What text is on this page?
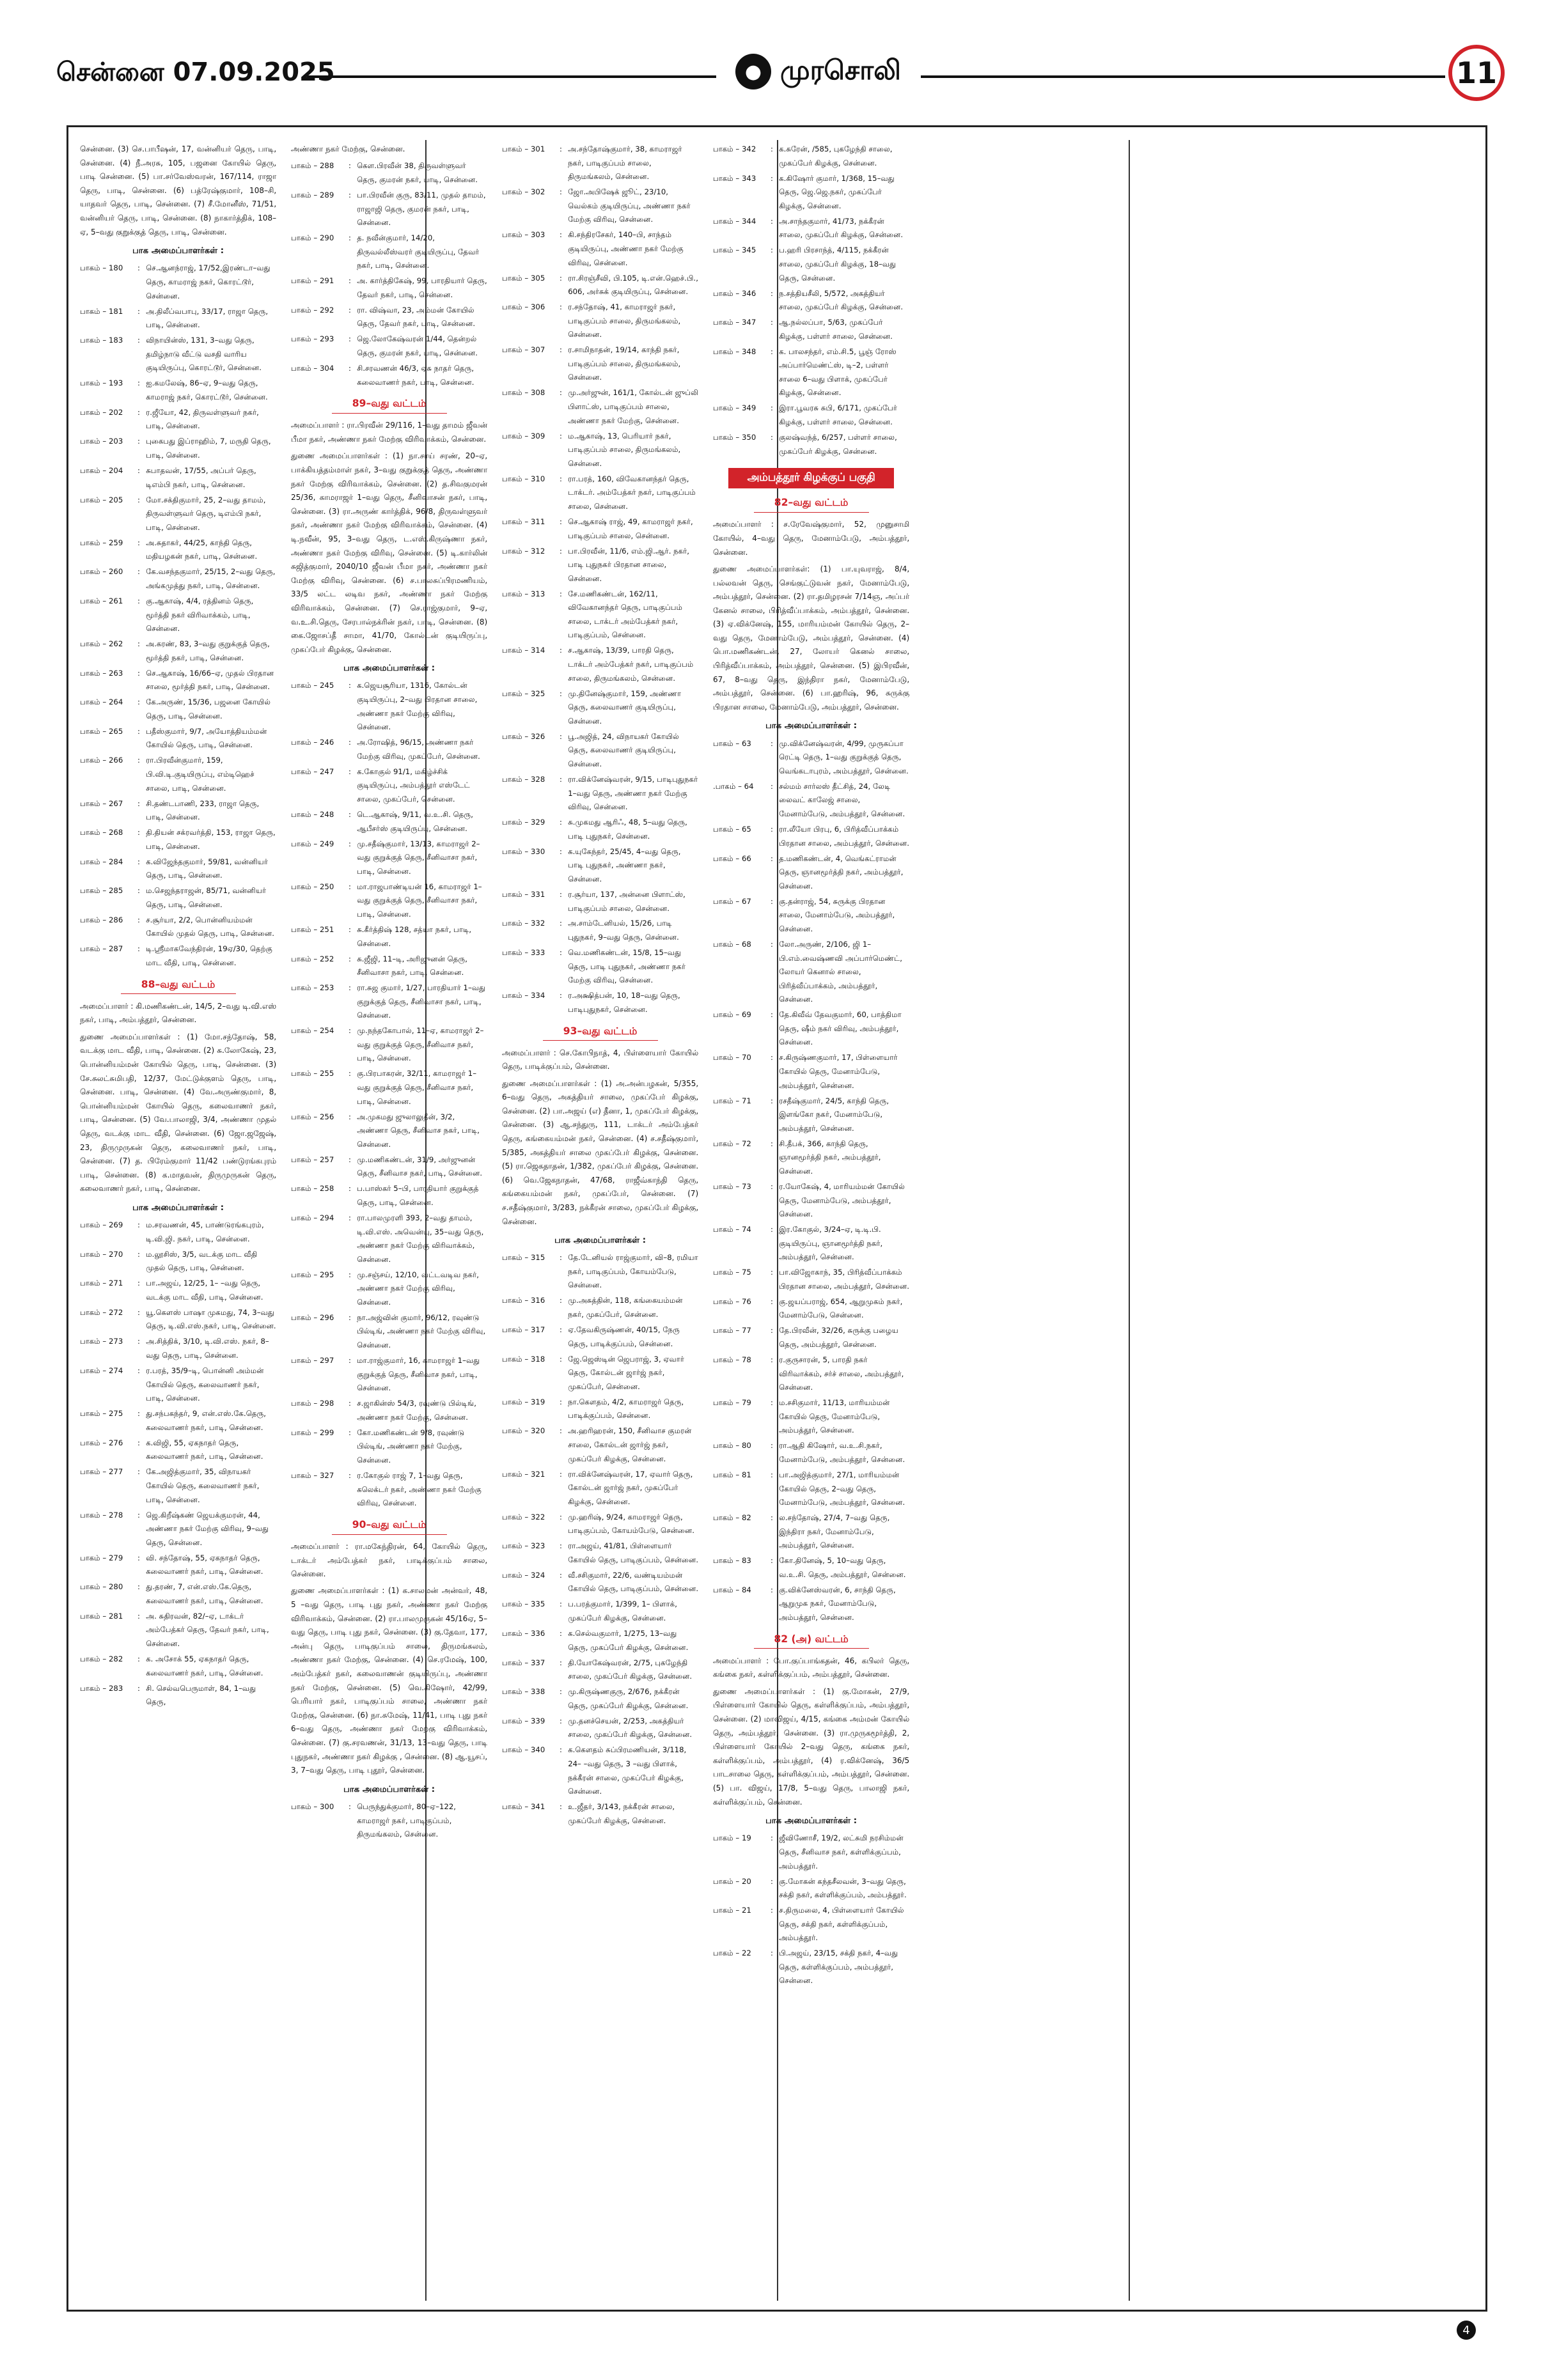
சென்னை 07.09.2025	● முரசொலி	11

சென்னை. (3) செ.பாபீஷன், 17, வன்னியர் தெரு, பாடி, சென்னை. (4) நீ.அரசு, 105, பஜனை கோயில் தெரு, பாடி சென்னை. (5) பா.சர்வேஸ்வரன், 167/114, ராஜா தெரு, பாடி, சென்னை. (6) பத்ரேஷ்குமார், 108–சி, யாதவர் தெரு, பாடி, சென்னை. (7) சீ.மோனீஸ், 71/51, வன்னியர் தெரு, பாடி, சென்னை. (8) நாகார்த்திக், 108–ஏ, 5–வது குறுக்குத் தெரு, பாடி, சென்னை.

பாக அமைப்பாளர்கள் :
பாகம் – 180	: செ.ஆனந்ராஜ், 17/52,இரண்டா–வது தெரு, காமராஜ் நகர், கொரட்டூர், சென்னை.
பாகம் – 181	: அ.திலீப்வபாபு, 33/17, ராஜா தெரு, பாடி, சென்னை.
பாகம் – 183	: விநாயின்ஸ், 131, 3–வது தெரு, தமிழ்நாடு வீட்டு வசதி வாரிய குடியிருப்பு, கொரட்டூர், சென்னை.
பாகம் – 193	: ஐ.கமலேஷ், 86–ஏ, 9–வது தெரு, காமராஜ் நகர், கொரட்டூர், சென்னை.
பாகம் – 202	: ர.ஜீயோ, 42, திருவள்ளுவர் நகர், பாடி, சென்னை.
பாகம் – 203	: புகைபது இப்ராஹிம், 7, மருதி தெரு, பாடி, சென்னை.
பாகம் – 204	: சுபாதவன், 17/55, அப்பர் தெரு, டிஎம்பி நகர், பாடி, சென்னை.
பாகம் – 205	: மோ.சக்திகுமார், 25, 2–வது தாமம், திருவள்ளுவர் தெரு, டிஎம்பி நகர், பாடி, சென்னை.
பாகம் – 259	: அ.சுதாகர், 44/25, காந்தி தெரு, மதியழகன் நகர், பாடி, சென்னை.
பாகம் – 260	: கே.வசந்தகுமார், 25/15, 2–வது தெரு, அங்கமுத்து நகர், பாடி, சென்னை.
பாகம் – 261	: கு.ஆகாஷ், 4/4, ரத்தினம் தெரு, மூர்த்தி நகர் விரிவாக்கம், பாடி, சென்னை.
பாகம் – 262	: அ.கரண், 83, 3–வது குறுக்குத் தெரு, மூர்த்தி நகர், பாடி, சென்னை.
பாகம் – 263	: செ.ஆகாஷ், 16/66–ஏ, முதல் பிரதான சாலை, மூர்த்தி நகர், பாடி, சென்னை.
பாகம் – 264	: கே.அருண், 15/36, பஜனை கோயில் தெரு, பாடி, சென்னை.
பாகம் – 265	: பதீஸ்குமார், 9/7, அயோத்தியம்மன் கோயில் தெரு, பாடி, சென்னை.
பாகம் – 266	: ரா.பிரவீன்குமார், 159, பி.வி.டி.குடியிருப்பு, எம்டிஹெச் சாலை, பாடி, சென்னை.
பாகம் – 267	: சி.தண்டபாணி, 233, ராஜா தெரு, பாடி, சென்னை.
பாகம் – 268	: தி.தியன் சக்ரவர்த்தி, 153, ராஜா தெரு, பாடி, சென்னை.
பாகம் – 284	: க.விஜேந்தகுமார், 59/81, வன்னியர் தெரு, பாடி, சென்னை.
பாகம் – 285	: ம.செஜந்தராஜன், 85/71, வன்னியர் தெரு, பாடி, சென்னை.
பாகம் – 286	: ச.சூர்யா, 2/2, பொன்னியம்மன் கோயில் முதல் தெரு, பாடி, சென்னை.
பாகம் – 287	: டி.ஸ்ரீமாகவேந்திரன், 19ஏ/30, தெற்கு மாட வீதி, பாடி, சென்னை.
88–வது வட்டம்

அமைப்பாளர் : கி.மணிகண்டன், 14/5, 2–வது டி.வி.எஸ் நகர், பாடி, அம்பத்தூர், சென்னை.

துணை அமைப்பாளர்கள் : (1) மோ.சந்தோஷ், 58, வடக்கு மாட வீதி, பாடி, சென்னை. (2) சு.லோகேஷ், 23, பொன்னியம்மன் கோயில் தெரு, பாடி, சென்னை. (3) சே.சுலட்சுமிபதி, 12/37, மேட்டுக்குளம் தெரு, பாடி, சென்னை. பாடி, சென்னை. (4) வே.அருண்குமார், 8, பொன்னியம்மன் கோயில் தெரு, கலைவாணர் நகர், பாடி, சென்னை. (5) வே.பாலாஜி, 3/4, அண்ணா முதல் தெரு, வடக்கு மாட வீதி, சென்னை. (6) ஜோ.ஜஜேஷ், 23, திருமுருகன் தெரு, கலைவாணர் நகர், பாடி, சென்னை. (7) த. பிரேம்குமார் 11/42 பண்டுரங்கபுரம் பாடி, சென்னை. (8) க.மாதவன், திருமுருகன் தெரு, கலைவாணர் நகர், பாடி, சென்னை.

பாக அமைப்பாளர்கள் :
பாகம் – 269	: ம.சரவணன், 45, பாண்டுரங்கபுரம், டி.வி.ஜி. நகர், பாடி, சென்னை.
பாகம் – 270	: ம.லூசிஸ், 3/5, வடக்கு மாட வீதி முதல் தெரு, பாடி, சென்னை.
பாகம் – 271	: பா.அஜய், 12/25, 1– –வது தெரு, வடக்கு மாட வீதி, பாடி, சென்னை.
பாகம் – 272	: யூ.கௌஸ் பாஷா முகமது, 74, 3–வது தெரு, டி.வி.எஸ்.நகர், பாடி, சென்னை.
பாகம் – 273	: அ.சித்திக், 3/10, டி.வி.எஸ். நகர், 8–வது தெரு, பாடி, சென்னை.
பாகம் – 274	: ர.பரத், 35/9–டி, பொன்னி அம்மன் கோயில் தெரு, கலைவாணர் நகர், பாடி, சென்னை.
பாகம் – 275	: து.சந்பகந்தர், 9, என்.எஸ்.கே.தெரு, கலைவாணர் நகர், பாடி, சென்னை.
பாகம் – 276	: க.விஜி, 55, ஏகநாதர் தெரு, கலைவாணர் நகர், பாடி, சென்னை.
பாகம் – 277	: கே.அஜித்குமார், 35, விநாயகர் கோயில் தெரு, கலைவாணர் நகர், பாடி, சென்னை.
பாகம் – 278	: ஜெ.கிறீஷ்கண் ஜெயக்குமரன், 44, அண்ணா நகர் மேற்கு விரிவு, 9–வது தெரு, சென்னை.
பாகம் – 279	: வி. சந்தோஷ், 55, ஏகநாதர் தெரு, கலைவாணர் நகர், பாடி, சென்னை.
பாகம் – 280	: து.தரண், 7, என்.எஸ்.கே.தெரு, கலைவாணர் நகர், பாடி, சென்னை.
பாகம் – 281	: அ. சுதிரவன், 82/–ஏ, டாக்டர் அம்பேத்கர் தெரு, தேவர் நகர், பாடி, சென்னை.
பாகம் – 282	: க. அசோக் 55, ஏகநாதர் தெரு, கலைவாணர் நகர், பாடி, சென்னை.
பாகம் – 283	: சி. செல்வபெருமாள், 84, 1–வது தெரு,

அண்ணா நகர் மேற்கு, சென்னை.

பாகம் – 288	: கெள.பிரவீன் 38, திருவள்ளுவர் தெரு, குமரன் நகர், பாடி, சென்னை.
பாகம் – 289	: பா.பிரவீன் குரு, 83/11, முதல் தாமம், ராஜாஜி தெரு, குமரன் நகர், பாடி, சென்னை.
பாகம் – 290	: த. நவீன்குமார், 14/20, திருவல்லீஸ்வரர் குடியிருப்பு, தேவர் நகர், பாடி, சென்னை.
பாகம் – 291	: அ. கார்த்திகேஷ், 99, பாரதியார் தெரு, தேவர் நகர், பாடி, சென்னை.
பாகம் – 292	: ரா. விஷ்வா, 23, அம்மன் கோயில் தெரு, தேவர் நகர், பாடி, சென்னை.
பாகம் – 293	: ஜெ.லோகேஷ்வரன் 1/44, தென்றல் தெரு, குமரன் நகர், பாடி, சென்னை.
பாகம் – 304	: சி.சரவணன் 46/3, ஏசு நாதர் தெரு, கலைவாணர் நகர், பாடி, சென்னை.
89–வது வட்டம்

அமைப்பாளர் : ரா.பிரவீன் 29/116, 1–வது தாமம் ஜீவன் பீமா நகர், அண்ணா நகர் மேற்கு விரிவாக்கம், சென்னை.

துணை அமைப்பாளர்கள் : (1) நா.சாய் சரண், 20–ஏ, பாக்கியத்தம்மாள் நகர், 3–வது குறுக்குத் தெரு, அண்ணா நகர் மேற்கு விரிவாக்கம், சென்னை. (2) த.சிவகுமரன் 25/36, காமராஜர் 1–வது தெரு, சீனிவாசன் நகர், பாடி, சென்னை. (3) ரா.அருண் கார்த்திக், 96/8, திருவள்ளுவர் நகர், அண்ணா நகர் மேற்கு விரிவாக்கம், சென்னை. (4) டி.நவீன், 95, 3–வது தெரு, ட.எஸ்.கிருஷ்ணா நகர், அண்ணா நகர் மேற்கு விரிவு, சென்னை. (5) டி.கார்லின் சுஜித்குமார், 2040/10 ஜீவன் பீமா நகர், அண்ணா நகர் மேற்கு விரிவு, சென்னை. (6) ச.பாலசுப்பிரமணியம், 33/5 லட்ட லடிவ நகர், அண்ணா நகர் மேற்கு விரிவாக்கம், சென்னை. (7) செ.ராஜ்குமார், 9–ஏ, வ.உ.சி.தெரு, சேரபால்நக்ரின் நகர், பாடி, சென்னை. (8) கை.ஜோசப்தீ சாமா, 41/70, கோல்டன் குடியிருப்பு, முகப்பேர் கிழக்கு, சென்னை.

பாக அமைப்பாளர்கள் :
பாகம் – 245	: க.ஜெயசூரியா, 1316, கோல்டன் குடியிருப்பு, 2–வது பிரதான சாலை, அண்ணா நகர் மேற்கு விரிவு, சென்னை.
பாகம் – 246	: அ.ரோஷித், 96/15, அண்ணா நகர் மேற்கு விரிவு, முகப்பேர், சென்னை.
பாகம் – 247	: க.கோகுல் 91/1, மகிழ்ச்சிக் குடியிருப்பு, அம்பத்தூர் எஸ்டேட் சாலை, முகப்பேர், சென்னை.
பாகம் – 248	: டெ.ஆகாஷ், 9/11, வ.உ.சி. தெரு, ஆபீசர்ஸ் குடியிருப்பு, சென்னை.
பாகம் – 249	: மு.சதீஷ்குமார், 13/13, காமராஜர் 2–வது குறுக்குத் தெரு, சீனிவாசா நகர், பாடி, சென்னை.
பாகம் – 250	: மா.ராஜபாண்டியன் 16, காமராஜர் 1–வது குறுக்குத் தெரு, சீனிவாசா நகர், பாடி, சென்னை.
பாகம் – 251	: சு.கீர்த்திஷ் 128, சத்யா நகர், பாடி, சென்னை.
பாகம் – 252	: சு.ஜீஜி, 11–டி, அரிஜுனன் தெரு, சீனிவாசா நகர், பாடி, சென்னை.
பாகம் – 253	: ரா.சுஜ குமார், 1/27, பாரதியார் 1–வது குறுக்குத் தெரு, சீனிவாசா நகர், பாடி, சென்னை.
பாகம் – 254	: மு.நந்தகோபால், 11–ஏ, காமராஜர் 2–வது குறுக்குத் தெரு, சீனிவாச நகர், பாடி, சென்னை.
பாகம் – 255	: கு.பிரபாகரன், 32/11, காமராஜர் 1–வது குறுக்குத் தெரு, சீனிவாச நகர், பாடி, சென்னை.
பாகம் – 256	: அ.முகமது ஜுலாலுதீன், 3/2, அண்ணா தெரு, சீனிவாச நகர், பாடி, சென்னை.
பாகம் – 257	: மு.மணிகண்டன், 31/9, அர்ஜுனன் தெரு, சீனிவாச நகர், பாடி, சென்னை.
பாகம் – 258	: ப.பாஸ்கர் 5–பி, பாரதியார் குறுக்குத் தெரு, பாடி, சென்னை.
பாகம் – 294	: ரா.பாலமுரளி 393, 2–வது தாமம், டி.வி.எஸ். அவென்யு, 35–வது தெரு, அண்ணா நகர் மேற்கு விரிவாக்கம், சென்னை.
பாகம் – 295	: மு.சஞ்சய், 12/10, வட்டவடிவ நகர், அண்ணா நகர் மேற்கு விரிவு, சென்னை.
பாகம் – 296	: நா.அஜ்வின் குமார், 96/12, ரவுண்டு பில்டிங், அண்ணா நகர் மேற்கு விரிவு, சென்னை.
பாகம் – 297	: மா.ராஜ்குமார், 16, காமராஜர் 1–வது குறுக்குத் தெரு, சீனிவாச நகர், பாடி, சென்னை.
பாகம் – 298	: ச.ஜாகின்ஸ் 54/3, ரவுண்டு பில்டிங், அண்ணா நகர் மேற்கு, சென்னை.
பாகம் – 299	: கோ.மணிகண்டன் 9/8, ரவுண்டு பில்டிங், அண்ணா நகர் மேற்கு, சென்னை.
பாகம் – 327	: ர.கோகுல் ராஜ் 7, 1–வது தெரு, கலெக்டர் நகர், அண்ணா நகர் மேற்கு விரிவு, சென்னை.
90–வது வட்டம்

அமைப்பாளர் : ரா.மகேந்திரன், 64, கோயில் தெரு, டாக்டர் அம்பேத்கர் நகர், பாடிக்குப்பம் சாலை, சென்னை.

துணை அமைப்பாளர்கள் : (1) க.சாலமன் அன்வர், 48, 5 –வது தெரு, பாடி புது நகர், அண்ணா நகர் மேற்கு விரிவாக்கம், சென்னை. (2) ரா.பாலமுருகன் 45/16ஏ, 5–வது தெரு, பாடி புது நகர், சென்னை. (3) கு.தேவா, 177, அன்பு தெரு, பாடிகுப்பம் சாலை, திருமங்கலம், அண்ணா நகர் மேற்கு, சென்னை. (4) செ.ரமேஷ், 100, அம்பேத்கர் நகர், கலைவாணன் குடியிருப்பு, அண்ணா நகர் மேற்கு, சென்னை. (5) வெ.கிஷோர், 42/99, பெரியார் நகர், பாடிகுப்பம் சாலை, அண்ணா நகர் மேற்கு, சென்னை. (6) நா.சுமேஷ், 11/41, பாடி புது நகர் 6–வது தெரு, அண்ணா நகர் மேற்கு விரிவாக்கம், சென்னை. (7) கு.சரவணன், 31/13, 13–வது தெரு, பாடி புதுநகர், அண்ணா நகர் கிழக்கு , சென்னை. (8) ஆ.யூசப், 3, 7–வது தெரு, பாடி புதூர், சென்னை.

பாக அமைப்பாளர்கள் :
பாகம் – 300	: பெருந்துக்குமார், 80–ஏ–122, காமராஜர் நகர், பாடிகுப்பம், திருமங்கலம், சென்னை.
பாகம் – 301	: அ.சந்தோஷ்குமார், 38, காமராஜர் நகர், பாடிகுப்பம் சாலை, திருமங்கலம், சென்னை.
பாகம் – 302	: ஜோ.அபிஷேக் ஜூட், 23/10, வெல்கம் குடியிருப்பு, அண்ணா நகர் மேற்கு விரிவு, சென்னை.
பாகம் – 303	: கி.சந்திரசேகர், 140–பி, சாந்தம் குடியிருப்பு, அண்ணா நகர் மேற்கு விரிவு, சென்னை.
பாகம் – 305	: ரா.சிரஞ்சீவி, பி.105, டி.என்.ஹெச்.பி., 606, அர்சுக் குடியிருப்பு, சென்னை.
பாகம் – 306	: ர.சந்தோஷ், 41, காமராஜர் நகர், பாடிகுப்பம் சாலை, திருமங்கலம், சென்னை.
பாகம் – 307	: ர.சாமிநாதன், 19/14, காந்தி நகர், பாடிகுப்பம் சாலை, திருமங்கலம், சென்னை.
பாகம் – 308	: மு.அர்ஜுன், 161/1, கோல்டன் ஜுப்லி பிளாட்ஸ், பாடிகுப்பம் சாலை, அண்ணா நகர் மேற்கு, சென்னை.
பாகம் – 309	: ம.ஆகாஷ், 13, பெரியார் நகர், பாடிகுப்பம் சாலை, திருமங்கலம், சென்னை.
பாகம் – 310	: ரா.பரத், 160, விவேகானந்தர் தெரு, டாக்டர். அம்பேத்கர் நகர், பாடிகுப்பம் சாலை, சென்னை.
பாகம் – 311	: செ.ஆகாஷ் ராஜ், 49, காமராஜர் நகர், பாடிகுப்பம் சாலை, சென்னை.
பாகம் – 312	: பா.பிரவீன், 11/6, எம்.ஜி.ஆர். நகர், பாடி புதுநகர் பிரதான சாலை, சென்னை.
பாகம் – 313	: சே.மணிகண்டன், 162/11, விவேகானந்தர் தெரு, பாடிகுப்பம் சாலை, டாக்டர் அம்பேத்கர் நகர், பாடிகுப்பம், சென்னை.
பாகம் – 314	: ச.ஆகாஷ், 13/39, பாரதி தெரு, டாக்டர் அம்பேத்கர் நகர், பாடிகுப்பம் சாலை, திருமங்கலம், சென்னை.
பாகம் – 325	: மு.தினேஷ்குமார், 159, அண்ணா தெரு, கலைவாணர் குடியிருப்பு, சென்னை.
பாகம் – 326	: பூ.அஜித், 24, விநாயகர் கோயில் தெரு, கலைவாணர் குடியிருப்பு, சென்னை.
பாகம் – 328	: ரா.விக்னேஷ்வரன், 9/15, பாடிபுதுநகர் 1–வது தெரு, அண்ணா நகர் மேற்கு விரிவு, சென்னை.
பாகம் – 329	: சு.முகமது ஆரிஃ, 48, 5–வது தெரு, பாடி புதுநகர், சென்னை.
பாகம் – 330	: க.யுகேந்தர், 25/45, 4–வது தெரு, பாடி புதுநகர், அண்ணா நகர், சென்னை.
பாகம் – 331	: ர.சூர்யா, 137, அன்னை பிளாட்ஸ், பாடிகுப்பம் சாலை, சென்னை.
பாகம் – 332	: அ.சாம்டேனியல், 15/26, பாடி புதுநகர், 9–வது தெரு, சென்னை.
பாகம் – 333	: வெ.மணிகண்டன், 15/8, 15–வது தெரு, பாடி புதுநகர், அண்ணா நகர் மேற்கு விரிவு, சென்னை.
பாகம் – 334	: ர.அக்ஷித்பன், 10, 18–வது தெரு, பாடிபுதுநகர், சென்னை.
93–வது வட்டம்

அமைப்பாளர் : செ.கோபிநாத், 4, பிள்ளையார் கோயில் தெரு, பாடிக்குப்பம், சென்னை.

துணை அமைப்பாளர்கள் : (1) அ.அன்பழகன், 5/355, 6–வது தெரு, அகத்தியர் சாலை, முகப்பேர் கிழக்கு, சென்னை. (2) பா.அஜய் (எ) தீனா, 1, முகப்பேர் கிழக்கு, சென்னை. (3) ஆ.சந்துரு, 111, டாக்டர் அம்பேத்கர் தெரு, கங்கையம்மன் நகர், சென்னை. (4) ச.சதீஷ்குமார், 5/385, அகத்தியர் சாலை முகப்பேர் கிழக்கு, சென்னை. (5) ரா.ஜெகதாதன், 1/382, முகப்பேர் கிழக்கு, சென்னை. (6) வெ.ஜேகநாதன், 47/68, ராஜீவ்காந்தி தெரு, கங்கையம்மன் நகர், முகப்பேர், சென்னை. (7) ச.சதீஷ்குமார், 3/283, நக்கீரன் சாலை, முகப்பேர் கிழக்கு, சென்னை.

பாக அமைப்பாளர்கள் :
பாகம் – 315	: தே.டேனியல் ராஜ்குமார், வி–8, ரமியா நகர், பாடிகுப்பம், கோயம்பேடு, சென்னை.
பாகம் – 316	: மு.அசுத்தின், 118, கங்கையம்மன் நகர், முகப்பேர், சென்னை.
பாகம் – 317	: ஏ.தேவகிருஷ்ணன், 40/15, நேரு தெரு, பாடிக்குப்பம், சென்னை.
பாகம் – 318	: ஜே.ஜெஸ்டின் ஜெபராஜ், 3, ஏவார் தெரு, கோல்டன் ஜார்ஜ் நகர், முகப்பேர், சென்னை.
பாகம் – 319	: நா.கௌதம், 4/2, காமராஜர் தெரு, பாடிக்குப்பம், சென்னை.
பாகம் – 320	: அ.ஹரிஹரன், 150, சீனிவாச குமரன் சாலை, கோல்டன் ஜார்ஜ் நகர், முகப்பேர் கிழக்கு, சென்னை.
பாகம் – 321	: ரா.விக்னேஷ்வரன், 17, ஏவார் தெரு, கோல்டன் ஜார்ஜ் நகர், முகப்பேர் கிழக்கு, சென்னை.
பாகம் – 322	: மு.ஹரிஷ், 9/24, காமராஜர் தெரு, பாடிகுப்பம், கோயம்பேடு, சென்னை.
பாகம் – 323	: ரா.அஜய், 41/81, பிள்ளையார் கோயில் தெரு, பாடிகுப்பம், சென்னை.
பாகம் – 324	: வீ.சசிகுமார், 22/6, வண்டியம்மன் கோயில் தெரு, பாடிகுப்பம், சென்னை.
பாகம் – 335	: ப.பரத்குமார், 1/399, 1– பிளாக், முகப்பேர் கிழக்கு, சென்னை.
பாகம் – 336	: க.செல்வகுமார், 1/275, 13–வது தெரு, முகப்பேர் கிழக்கு, சென்னை.
பாகம் – 337	: தி.யோகேஷ்வரன், 2/75, புகழேந்தி சாலை, முகப்பேர் கிழக்கு, சென்னை.
பாகம் – 338	: மு.கிருஷ்ணகுரு, 2/676, நக்கீரன் தெரு, முகப்பேர் கிழக்கு, சென்னை.
பாகம் – 339	: மு.தனச்செயன், 2/253, அகத்தியர் சாலை, முகப்பேர் கிழக்கு, சென்னை.
பாகம் – 340	: க.கௌதம் சுப்பிரமணியன், 3/118, 24– –வது தெரு, 3 –வது பிளாக், நக்கீரன் சாலை, முகப்பேர் கிழக்கு, சென்னை.
பாகம் – 341	: உ.ஜீதர், 3/143, நக்கீரன் சாலை, முகப்பேர் கிழக்கு, சென்னை.
பாகம் – 342	: க.சுரேன், /585, புகழேந்தி சாலை, முகப்பேர் கிழக்கு, சென்னை.
பாகம் – 343	: க.கிஷோர் குமார், 1/368, 15–வது தெரு, ஜெ.ஜெ.நகர், முகப்பேர் கிழக்கு, சென்னை.
பாகம் – 344	: அ.சாந்தகுமார், 41/73, நக்கீரன் சாலை, முகப்பேர் கிழக்கு, சென்னை.
பாகம் – 345	: ப.ஹரி பிரசாந்த், 4/115, நக்கீரன் சாலை, முகப்பேர் கிழக்கு, 18–வது தெரு, சென்னை.
பாகம் – 346	: ந.சத்தியசீலி, 5/572, அகத்தியர் சாலை, முகப்பேர் கிழக்கு, சென்னை.
பாகம் – 347	: ஆ.நல்லப்பா, 5/63, முகப்பேர் கிழக்கு, பள்ளர் சாலை, சென்னை.
பாகம் – 348	: க. பாலசந்தர், எம்.சி.5, பூஞ் ரோஸ் அப்பார்மெண்ட்ஸ், டி–2, பள்ளர் சாலை 6–வது பிளாக், முகப்பேர் கிழக்கு, சென்னை.
பாகம் – 349	: இரா.பூவரசு சுபி, 6/171, முகப்பேர் கிழக்கு, பள்ளர் சாலை, சென்னை.
பாகம் – 350	: குலஷ்வந்த், 6/257, பள்ளர் சாலை, முகப்பேர் கிழக்கு, சென்னை.
அம்பத்தூர் கிழக்குப் பகுதி
82–வது வட்டம்

அமைப்பாளர் : ச.ரேவேஷ்குமார், 52, முனுசாமி கோயில், 4–வது தெரு, மேனாம்பேடு, அம்பத்தூர், சென்னை.

துணை அமைப்பாளர்கள்: (1) பா.யுவராஜ், 8/4, பல்லவன் தெரு, செங்குட்டுவன் நகர், மேனாம்பேடு, அம்பத்தூர், சென்னை. (2) ரா.தமிழரசன் 7/14ஞ, அப்பர் கேனல் சாலை, பிரித்வீப்பாக்கம், அம்பத்தூர், சென்னை. (3) ஏ.விக்னேஷ், 155, மாரியம்மன் கோயில் தெரு, 2–வது தெரு, மேனாம்பேடு, அம்பத்தூர், சென்னை. (4) பொ.மணிகண்டன், 27, லோயர் கெனல் சாலை, பிரித்வீப்பாக்கம், அம்பத்தூர், சென்னை. (5) இபிரவீன், 67, 8–வது தெரு, இந்திரா நகர், மேனாம்பேடு, அம்பத்தூர், சென்னை. (6) பா.ஹரிஷ், 96, சுருக்கு பிரதான சாலை, மேனாம்பேடு, அம்பத்தூர், சென்னை.

பாக அமைப்பாளர்கள் :
பாகம் – 63	: மு.விக்னேஷ்வரன், 4/99, முருகப்பா ரெட்டி தெரு, 1–வது குறுக்குத் தெரு, வெங்கடாபுரம், அம்பத்தூர், சென்னை.
.பாகம் – 64	: சல்மம் சார்லஸ் தீட்சித், 24, லேடி லைவட் காலேஜ் சாலை, மேனாம்பேடு, அம்பத்தூர், சென்னை.
பாகம் – 65	: ரா.லீயோ பிரபு, 6, பிரித்வீப்பாக்கம் பிரதான சாலை, அம்பத்தூர், சென்னை.
பாகம் – 66	: த.மணிகண்டன், 4, வெங்கட்ராமன் தெரு, ஞானமூர்த்தி நகர், அம்பத்தூர், சென்னை.
பாகம் – 67	: கு.தன்ராஜ், 54, சுருக்கு பிரதான சாலை, மேனாம்பேடு, அம்பத்தூர், சென்னை.
பாகம் – 68	: லோ.அருண், 2/106, ஜி 1– பி.எம்.வைஷ்ணவி அப்பார்மெண்ட், லோயர் கெனால் சாலை, பிரித்வீப்பாக்கம், அம்பத்தூர், சென்னை.
பாகம் – 69	: தே.கிவீவ் தேவகுமார், 60, பாத்திமா தெரு, ஷீம் நகர் விரிவு, அம்பத்தூர், சென்னை.
பாகம் – 70	: ச.கிருஷ்ணகுமார், 17, பிள்ளையார் கோயில் தெரு, மேனாம்பேடு, அம்பத்தூர், சென்னை.
பாகம் – 71	: ரசதீஷ்குமார், 24/5, காந்தி தெரு, இளங்கோ நகர், மேனாம்பேடு, அம்பத்தூர், சென்னை.
பாகம் – 72	: சி.தீபக், 366, காந்தி தெரு, ஞானமூர்த்தி நகர், அம்பத்தூர், சென்னை.
பாகம் – 73	: ர.யோகேஷ், 4, மாரியம்மன் கோயில் தெரு, மேனாம்பேடு, அம்பத்தூர், சென்னை.
பாகம் – 74	: இர.கோகுல், 3/24–ஏ, டி.டி.பி. குடியிருப்பு, ஞானமூர்த்தி நகர், அம்பத்தூர், சென்னை.
பாகம் – 75	: பா.விஜோகாந், 35, பிரித்வீப்பாக்கம் பிரதான சாலை, அம்பத்தூர், சென்னை.
பாகம் – 76	: கு.ஜயப்பராஜ், 654, ஆறுமுகம் நகர், மேனாம்பேடு, சென்னை.
பாகம் – 77	: தே.பிரவீன், 32/26, சுருக்கு பழைய தெரு, அம்பத்தூர், சென்னை.
பாகம் – 78	: ர.குருசாரன், 5, பாரதி நகர் விரிவாக்கம், சர்ச் சாலை, அம்பத்தூர், சென்னை.
பாகம் – 79	: ம.சசிகுமார், 11/13, மாரியம்மன் கோயில் தெரு, மேனாம்பேடு, அம்பத்தூர், சென்னை.
பாகம் – 80	: ரா.ஆதி கிஷோர், வ.உ.சி.நகர், மேனாம்பேடு, அம்பத்தூர், சென்னை.
பாகம் – 81	: பா.அஜித்குமார், 27/1, மாரியம்மன் கோயில் தெரு, 2–வது தெரு, மேனாம்பேடு, அம்பத்தூர், சென்னை.
பாகம் – 82	: ல.சந்தோஷ், 27/4, 7–வது தெரு, இந்திரா நகர், மேனாம்பேடு, அம்பத்தூர், சென்னை.
பாகம் – 83	: கோ.தினேஷ், 5, 10–வது தெரு, வ.உ.சி. தெரு, அம்பத்தூர், சென்னை.
பாகம் – 84	: கு.விக்னேஸ்வரன், 6, சாந்தி தெரு, ஆறுமுக நகர், மேனாம்பேடு, அம்பத்தூர், சென்னை.
82 (அ) வட்டம்

அமைப்பாளர் : போ.குப்பாங்கதன், 46, கபிலர் தெரு, கங்கை நகர், கள்ளிக்குப்பம், அம்பத்தூர், சென்னை.

துணை அமைப்பாளர்கள் : (1) கு.மோகன், 27/9, பிள்ளையார் கோயில் தெரு, கள்ளிக்குப்பம், அம்பத்தூர், சென்னை. (2) மாவிஜய், 4/15, கங்கை அம்மன் கோயில் தெரு, அம்பத்தூர், சென்னை. (3) ரா.முருகமூர்த்தி, 2, பிள்ளையார் கோயில் 2–வது தெரு, கங்கை நகர், கள்ளிக்குப்பம், அம்பத்தூர், (4) ர.விக்னேஷ், 36/5 பாடசாலை தெரு, கள்ளிக்குப்பம், அம்பத்தூர், சென்னை. (5) பா. விஜய், 17/8, 5–வது தெரு, பாலாஜி நகர், கள்ளிக்குப்பம், சென்னை.

பாக அமைப்பாளர்கள் :
பாகம் – 19	: ஜீவிணோசீ, 19/2, லட்சுமி நரசிம்மன் தெரு, சீனிவாச நகர், கள்ளிக்குப்பம், அம்பத்தூர்.
பாகம் – 20	: கு.மோகன் கந்தசீலவன், 3–வது தெரு, சக்தி நகர், கள்ளிக்குப்பம், அம்பத்தூர்.
பாகம் – 21	: ச.திருமலை, 4, பிள்ளையார் கோயில் தெரு, சக்தி நகர், கள்ளிக்குப்பம், அம்பத்தூர்.
பாகம் – 22	: பி.அஜய், 23/15, சக்தி நகர், 4–வது தெரு, கள்ளிக்குப்பம், அம்பத்தூர், சென்னை.
4
